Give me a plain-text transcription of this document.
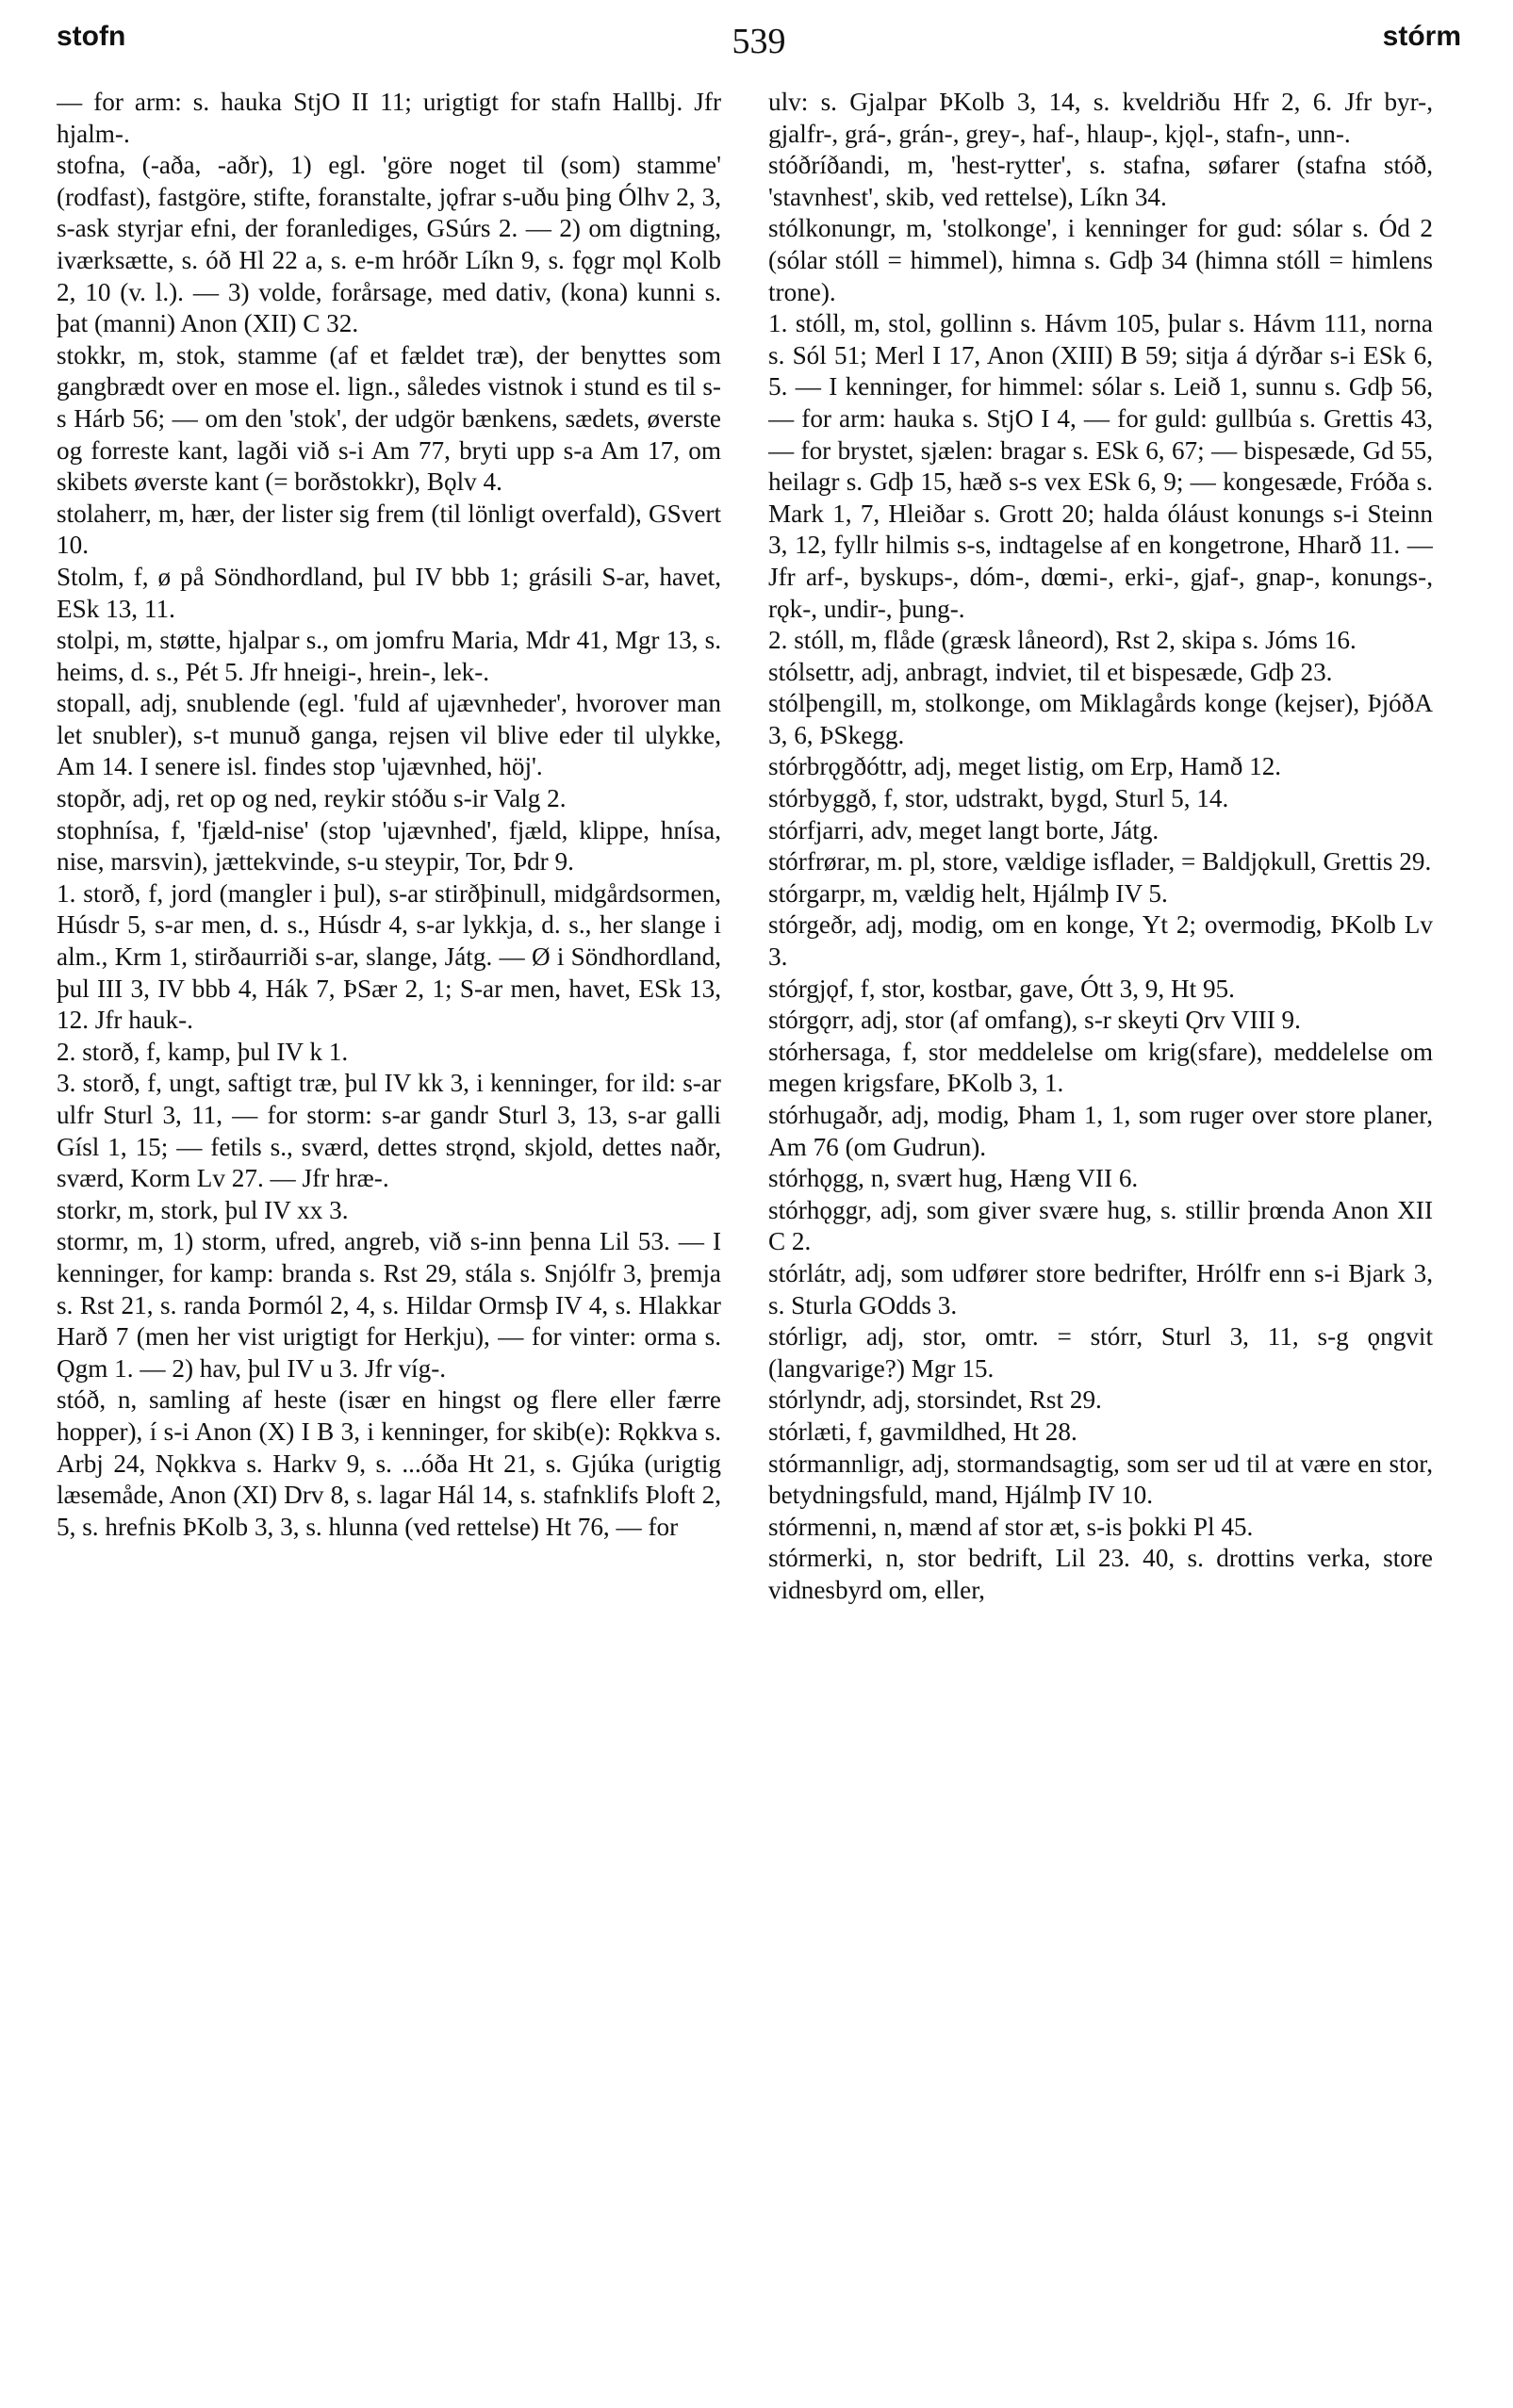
stofn	539	stórm

— for arm: s. hauka StjO II 11; urigtigt for stafn Hallbj. Jfr hjalm-.

stofna, (-aða, -aðr), 1) egl. 'göre noget til (som) stamme' (rodfast), fastgöre, stifte, foranstalte, jǫfrar s-uðu þing Ólhv 2, 3, s-ask styrjar efni, der foranlediges, GSúrs 2. — 2) om digtning, iværksætte, s. óð Hl 22 a, s. e-m hróðr Líkn 9, s. fǫgr mǫl Kolb 2, 10 (v. l.). — 3) volde, forårsage, med dativ, (kona) kunni s. þat (manni) Anon (XII) C 32.

stokkr, m, stok, stamme (af et fældet træ), der benyttes som gangbrædt over en mose el. lign., således vistnok i stund es til s-s Hárb 56; — om den 'stok', der udgör bænkens, sædets, øverste og forreste kant, lagði við s-i Am 77, bryti upp s-a Am 17, om skibets øverste kant (= borðstokkr), Bǫlv 4.

stolaherr, m, hær, der lister sig frem (til lönligt overfald), GSvert 10.

Stolm, f, ø på Söndhordland, þul IV bbb 1; grásili S-ar, havet, ESk 13, 11.

stolpi, m, støtte, hjalpar s., om jomfru Maria, Mdr 41, Mgr 13, s. heims, d. s., Pét 5. Jfr hneigi-, hrein-, lek-.

stopall, adj, snublende (egl. 'fuld af ujævnheder', hvorover man let snubler), s-t munuð ganga, rejsen vil blive eder til ulykke, Am 14. I senere isl. findes stop 'ujævnhed, höj'.

stopðr, adj, ret op og ned, reykir stóðu s-ir Valg 2.

stophnísa, f, 'fjæld-nise' (stop 'ujævnhed', fjæld, klippe, hnísa, nise, marsvin), jættekvinde, s-u steypir, Tor, Þdr 9.

1. storð, f, jord (mangler i þul), s-ar stirðþinull, midgårdsormen, Húsdr 5, s-ar men, d. s., Húsdr 4, s-ar lykkja, d. s., her slange i alm., Krm 1, stirðaurriði s-ar, slange, Játg. — Ø i Söndhordland, þul III 3, IV bbb 4, Hák 7, ÞSær 2, 1; S-ar men, havet, ESk 13, 12. Jfr hauk-.

2. storð, f, kamp, þul IV k 1.

3. storð, f, ungt, saftigt træ, þul IV kk 3, i kenninger, for ild: s-ar ulfr Sturl 3, 11, — for storm: s-ar gandr Sturl 3, 13, s-ar galli Gísl 1, 15; — fetils s., sværd, dettes strǫnd, skjold, dettes naðr, sværd, Korm Lv 27. — Jfr hræ-.

storkr, m, stork, þul IV xx 3.

stormr, m, 1) storm, ufred, angreb, við s-inn þenna Lil 53. — I kenninger, for kamp: branda s. Rst 29, stála s. Snjólfr 3, þremja s. Rst 21, s. randa Þormól 2, 4, s. Hildar Ormsþ IV 4, s. Hlakkar Harð 7 (men her vist urigtigt for Herkju), — for vinter: orma s. Ǫgm 1. — 2) hav, þul IV u 3. Jfr víg-.

stóð, n, samling af heste (især en hingst og flere eller færre hopper), í s-i Anon (X) I B 3, i kenninger, for skib(e): Rǫkkva s. Arbj 24, Nǫkkva s. Harkv 9, s. ...óða Ht 21, s. Gjúka (urigtig læsemåde, Anon (XI) Drv 8, s. lagar Hál 14, s. stafnklifs Þloft 2, 5, s. hrefnis ÞKolb 3, 3, s. hlunna (ved rettelse) Ht 76, — for

ulv: s. Gjalpar ÞKolb 3, 14, s. kveldriðu Hfr 2, 6. Jfr byr-, gjalfr-, grá-, grán-, grey-, haf-, hlaup-, kjǫl-, stafn-, unn-.

stóðríðandi, m, 'hest-rytter', s. stafna, søfarer (stafna stóð, 'stavnhest', skib, ved rettelse), Líkn 34.

stólkonungr, m, 'stolkonge', i kenninger for gud: sólar s. Ód 2 (sólar stóll = himmel), himna s. Gdþ 34 (himna stóll = himlens trone).

1. stóll, m, stol, gollinn s. Hávm 105, þular s. Hávm 111, norna s. Sól 51; Merl I 17, Anon (XIII) B 59; sitja á dýrðar s-i ESk 6, 5. — I kenninger, for himmel: sólar s. Leið 1, sunnu s. Gdþ 56, — for arm: hauka s. StjO I 4, — for guld: gullbúa s. Grettis 43, — for brystet, sjælen: bragar s. ESk 6, 67; — bispesæde, Gd 55, heilagr s. Gdþ 15, hæð s-s vex ESk 6, 9; — kongesæde, Fróða s. Mark 1, 7, Hleiðar s. Grott 20; halda óláust konungs s-i Steinn 3, 12, fyllr hilmis s-s, indtagelse af en kongetrone, Hharð 11. — Jfr arf-, byskups-, dóm-, dœmi-, erki-, gjaf-, gnap-, konungs-, rǫk-, undir-, þung-.

2. stóll, m, flåde (græsk låneord), Rst 2, skipa s. Jóms 16.

stólsettr, adj, anbragt, indviet, til et bispesæde, Gdþ 23.

stólþengill, m, stolkonge, om Miklagårds konge (kejser), ÞjóðA 3, 6, ÞSkegg.

stórbrǫgðóttr, adj, meget listig, om Erp, Hamð 12.

stórbyggð, f, stor, udstrakt, bygd, Sturl 5, 14.

stórfjarri, adv, meget langt borte, Játg.

stórfrørar, m. pl, store, vældige isflader, = Baldjǫkull, Grettis 29.

stórgarpr, m, vældig helt, Hjálmþ IV 5.

stórgeðr, adj, modig, om en konge, Yt 2; overmodig, ÞKolb Lv 3.

stórgjǫf, f, stor, kostbar, gave, Ótt 3, 9, Ht 95.

stórgǫrr, adj, stor (af omfang), s-r skeyti Ǫrv VIII 9.

stórhersaga, f, stor meddelelse om krig(sfare), meddelelse om megen krigsfare, ÞKolb 3, 1.

stórhugaðr, adj, modig, Þham 1, 1, som ruger over store planer, Am 76 (om Gudrun).

stórhǫgg, n, svært hug, Hæng VII 6.

stórhǫggr, adj, som giver svære hug, s. stillir þrœnda Anon XII C 2.

stórlátr, adj, som udfører store bedrifter, Hrólfr enn s-i Bjark 3, s. Sturla GOdds 3.

stórligr, adj, stor, omtr. = stórr, Sturl 3, 11, s-g ǫngvit (langvarige?) Mgr 15.

stórlyndr, adj, storsindet, Rst 29.

stórlæti, f, gavmildhed, Ht 28.

stórmannligr, adj, stormandsagtig, som ser ud til at være en stor, betydningsfuld, mand, Hjálmþ IV 10.

stórmenni, n, mænd af stor æt, s-is þokki Pl 45.

stórmerki, n, stor bedrift, Lil 23. 40, s. drottins verka, store vidnesbyrd om, eller,
